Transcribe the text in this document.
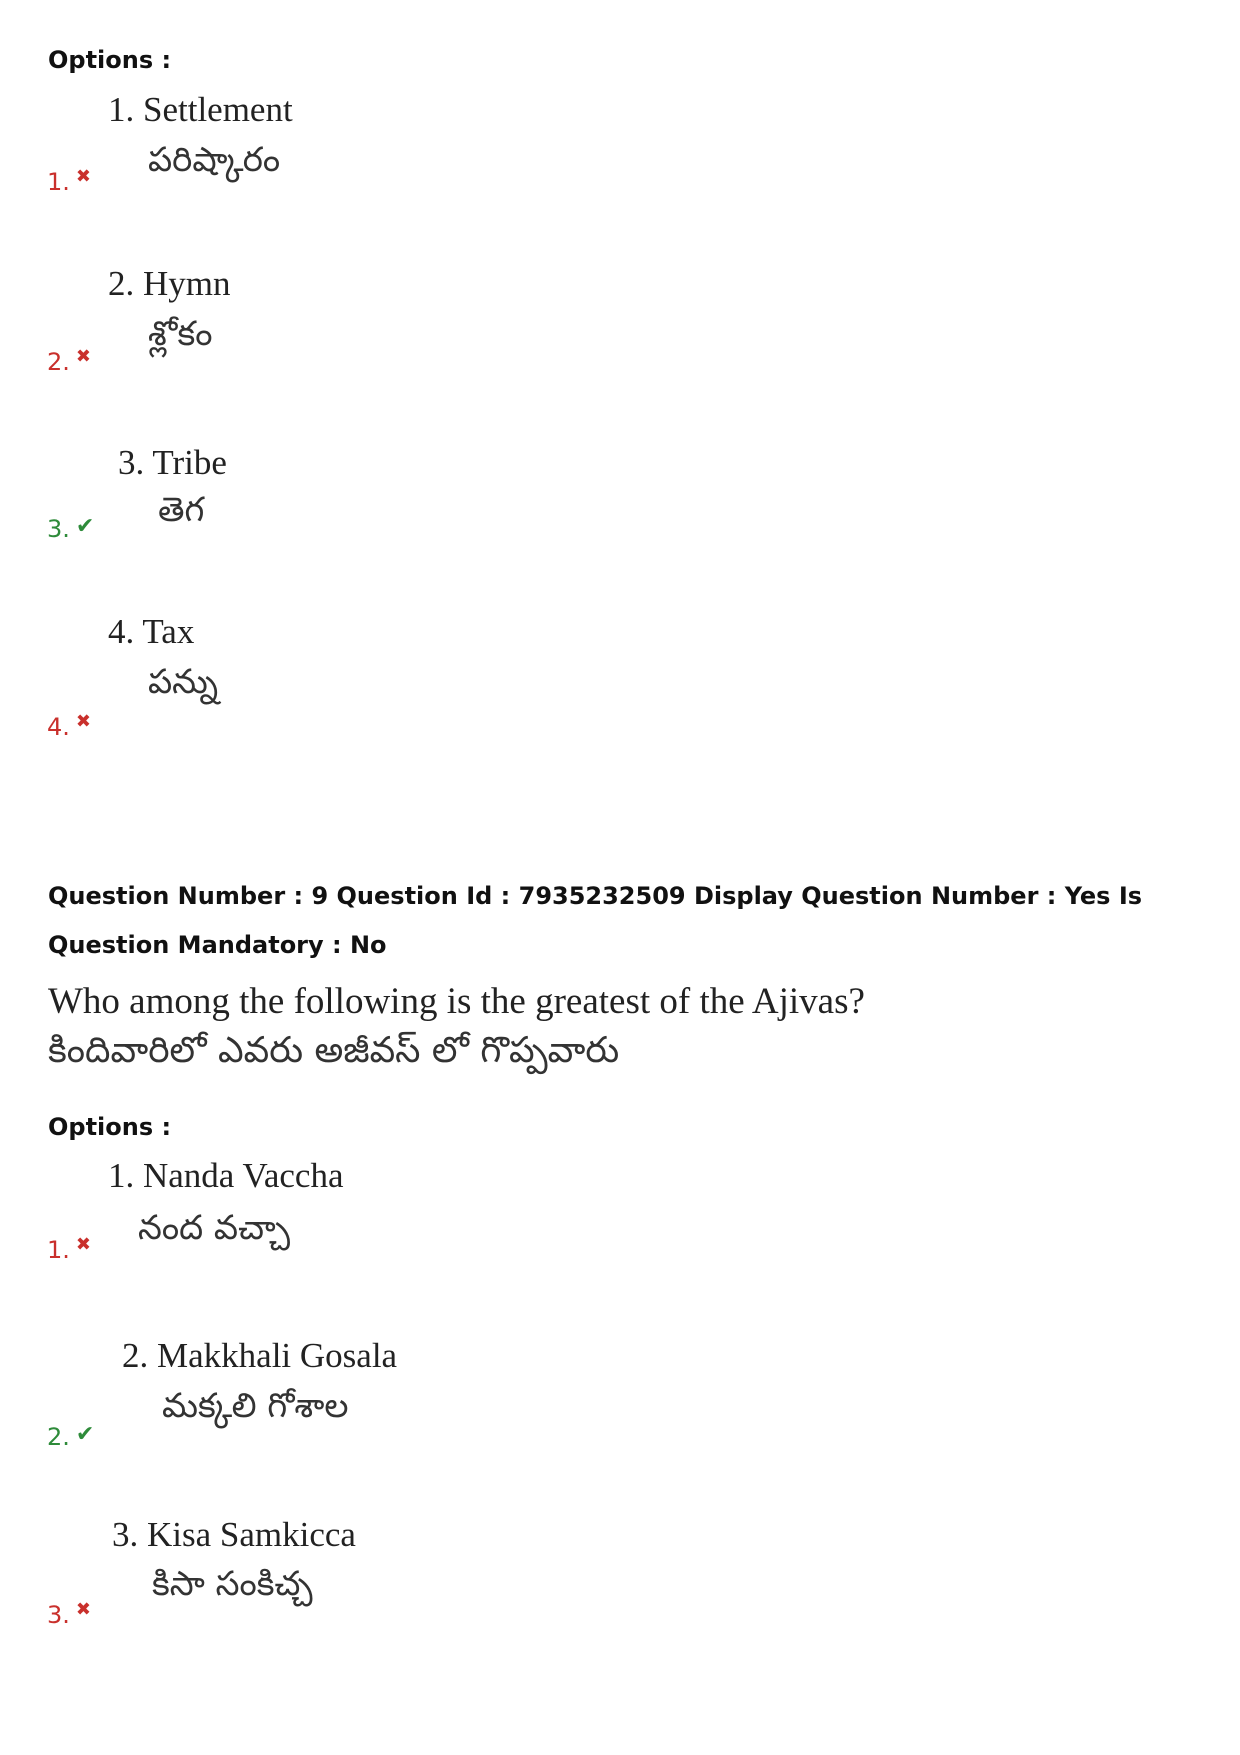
Options :
1. Settlement
పరిష్కారం
1. ✖
2. Hymn
శ్లోకం
2. ✖
3. Tribe
తెగ
3. ✔
4. Tax
పన్ను
4. ✖
Question Number : 9 Question Id : 7935232509 Display Question Number : Yes Is Question Mandatory : No
Who among the following is the greatest of the Ajivas?
కిందివారిలో ఎవరు అజీవస్ లో గొప్పవారు
Options :
1. Nanda Vaccha
నంద వచ్చా
1. ✖
2. Makkhali Gosala
మక్కలి గోశాల
2. ✔
3. Kisa Samkicca
కిసా సంకిచ్చ
3. ✖
